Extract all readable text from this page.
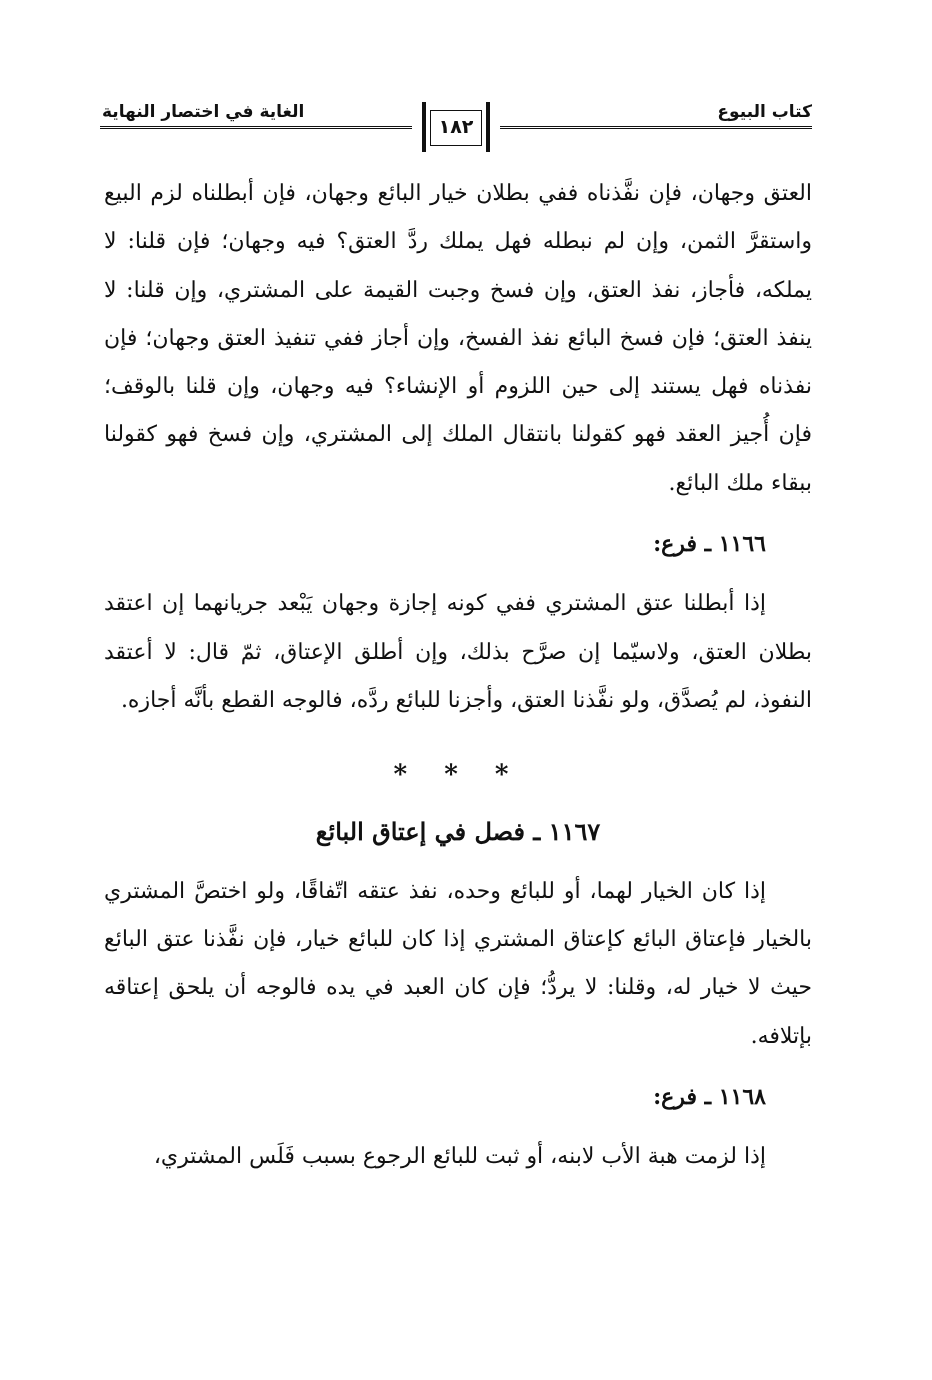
الغاية في اختصار النهاية
١٨٢
كتاب البيوع

العتق وجهان، فإن نفَّذناه ففي بطلان خيار البائع وجهان، فإن أبطلناه لزم البيع واستقرَّ الثمن، وإن لم نبطله فهل يملك ردَّ العتق؟ فيه وجهان؛ فإن قلنا: لا يملكه، فأجاز، نفذ العتق، وإن فسخ وجبت القيمة على المشتري، وإن قلنا: لا ينفذ العتق؛ فإن فسخ البائع نفذ الفسخ، وإن أجاز ففي تنفيذ العتق وجهان؛ فإن نفذناه فهل يستند إلى حين اللزوم أو الإنشاء؟ فيه وجهان، وإن قلنا بالوقف؛ فإن أُجيز العقد فهو كقولنا بانتقال الملك إلى المشتري، وإن فسخ فهو كقولنا ببقاء ملك البائع.

١١٦٦ ـ فرع:

إذا أبطلنا عتق المشتري ففي كونه إجازة وجهان يَبْعد جريانهما إن اعتقد بطلان العتق، ولاسيّما إن صرَّح بذلك، وإن أطلق الإعتاق، ثمّ قال: لا أعتقد النفوذ، لم يُصدَّق، ولو نفَّذنا العتق، وأجزنا للبائع ردَّه، فالوجه القطع بأنَّه أجازه.

* * *
١١٦٧ ـ فصل في إعتاق البائع

إذا كان الخيار لهما، أو للبائع وحده، نفذ عتقه اتّفاقًا، ولو اختصَّ المشتري بالخيار فإعتاق البائع كإعتاق المشتري إذا كان للبائع خيار، فإن نفَّذنا عتق البائع حيث لا خيار له، وقلنا: لا يردُّ؛ فإن كان العبد في يده فالوجه أن يلحق إعتاقه بإتلافه.

١١٦٨ ـ فرع:

إذا لزمت هبة الأب لابنه، أو ثبت للبائع الرجوع بسبب فَلَس المشتري،
